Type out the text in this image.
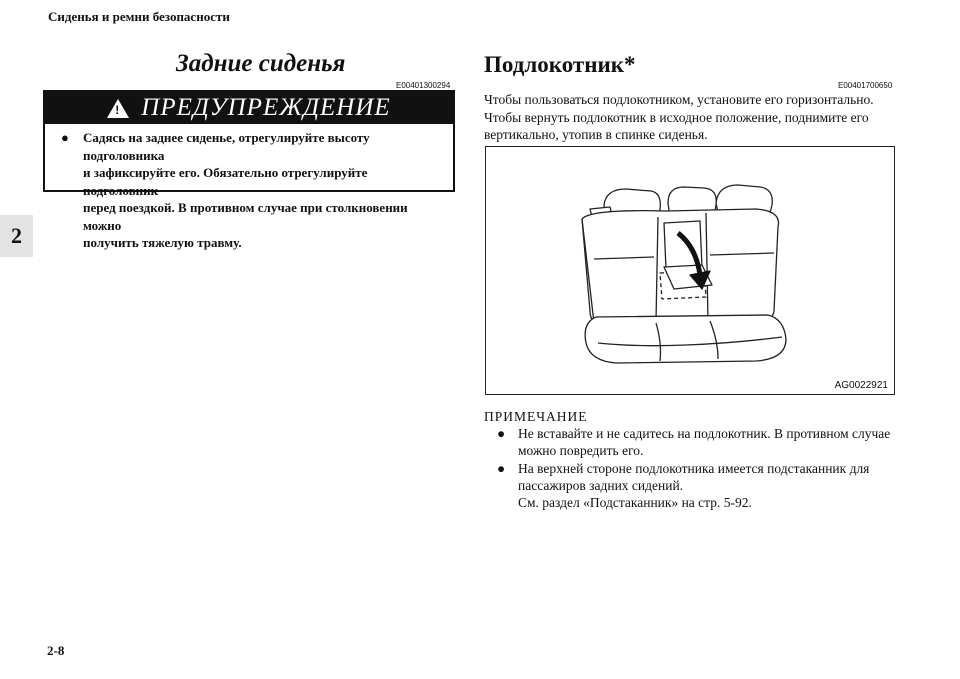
Сиденья и ремни безопасности
2
Задние сиденья
E00401300294
! ПРЕДУПРЕЖДЕНИЕ
● Садясь на заднее сиденье, отрегулируйте высоту подголовника
и зафиксируйте его. Обязательно отрегулируйте подголовник
перед поездкой. В противном случае при столкновении можно
получить тяжелую травму.
Подлокотник*
E00401700650
Чтобы пользоваться подлокотником, установите его горизонтально.
Чтобы вернуть подлокотник в исходное положение, поднимите его
вертикально, утопив в спинке сиденья.
AG0022921
ПРИМЕЧАНИЕ
● Не вставайте и не садитесь на подлокотник. В противном случае
можно повредить его.
● На верхней стороне подлокотника имеется подстаканник для
пассажиров задних сидений.
См. раздел «Подстаканник» на стр. 5-92.
2-8
